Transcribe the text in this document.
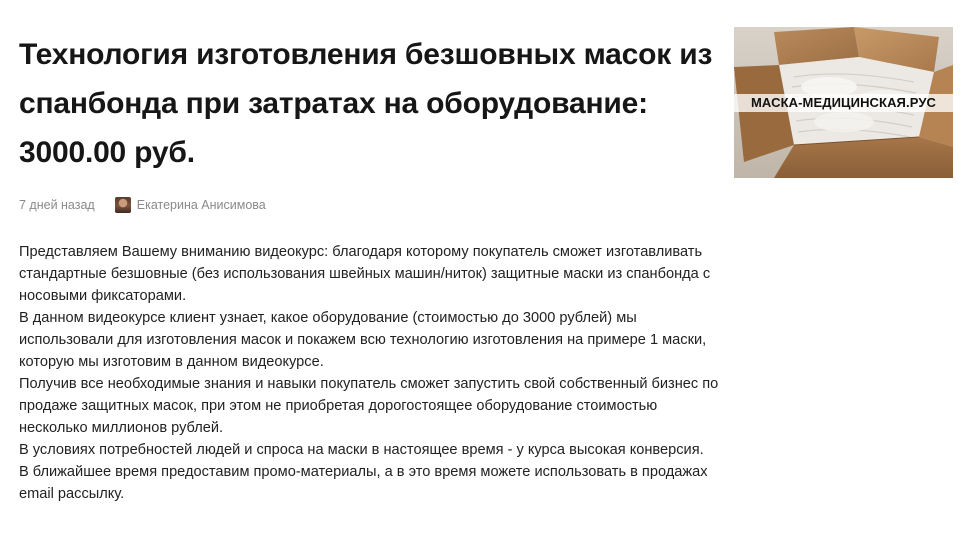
Технология изготовления безшовных масок из спанбонда при затратах на оборудование: 3000.00 руб.
7 дней назад	Екатерина Анисимова

Представляем Вашему вниманию видеокурс: благодаря которому покупатель сможет изготавливать стандартные безшовные (без использования швейных машин/ниток) защитные маски из спанбонда с носовыми фиксаторами.

В данном видеокурсе клиент узнает, какое оборудование (стоимостью до 3000 рублей) мы использовали для изготовления масок и покажем всю технологию изготовления на примере 1 маски, которую мы изготовим в данном видеокурсе.

Получив все необходимые знания и навыки покупатель сможет запустить свой собственный бизнес по продаже защитных масок, при этом не приобретая дорогостоящее оборудование стоимостью несколько миллионов рублей.

В условиях потребностей людей и спроса на маски в настоящее время - у курса высокая конверсия.

В ближайшее время предоставим промо-материалы, а в это время можете использовать в продажах email рассылку.

МАСКА-МЕДИЦИНСКАЯ.РУС
